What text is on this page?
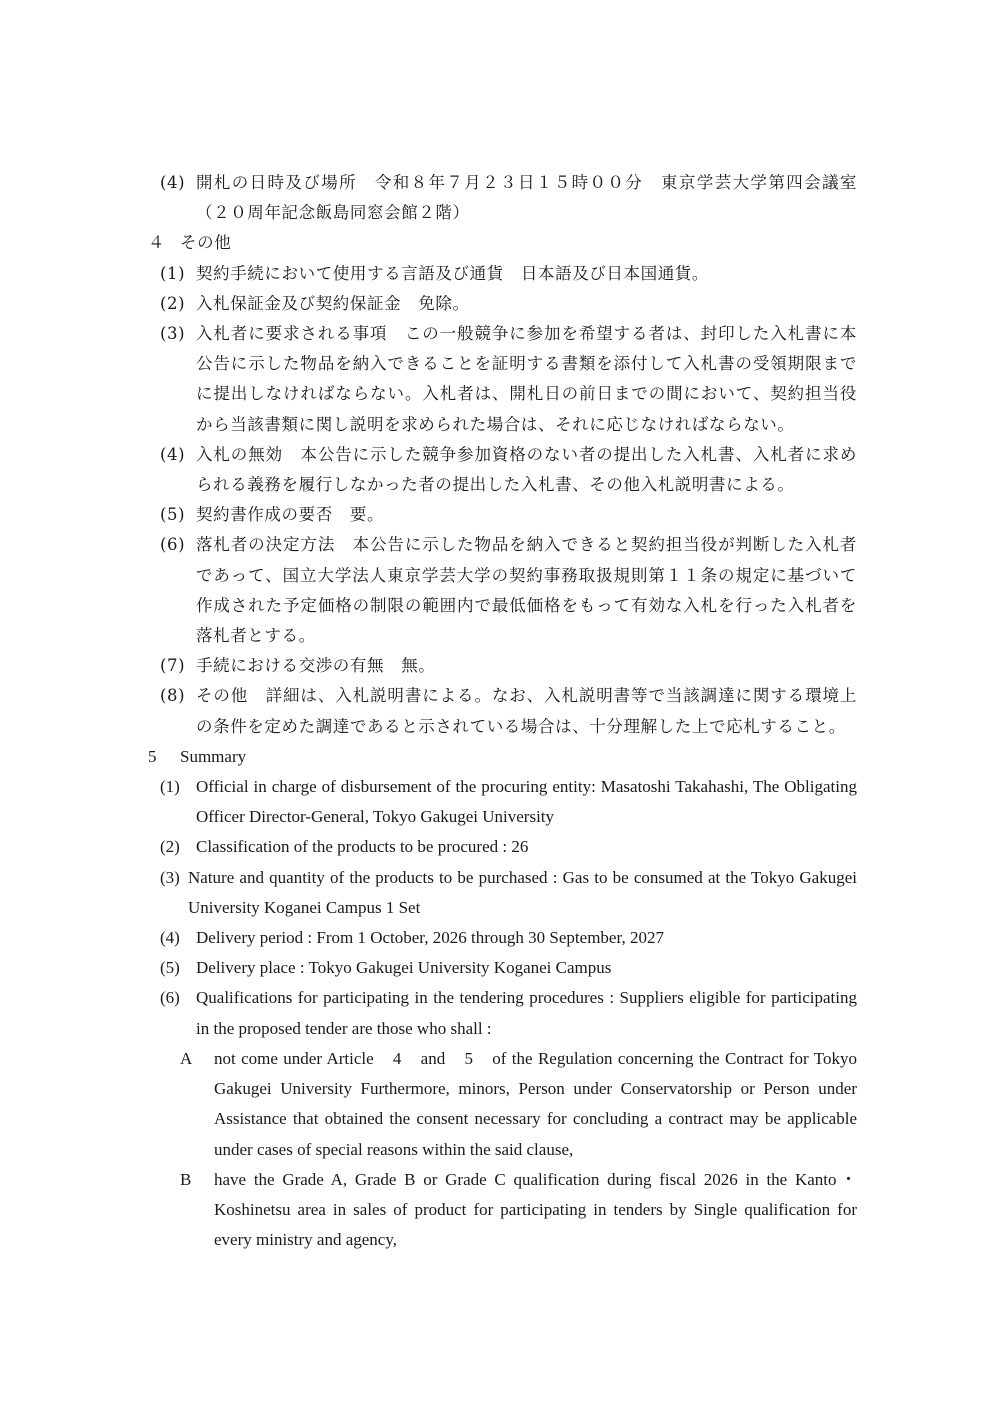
(4) 開札の日時及び場所　令和８年７月２３日１５時００分　東京学芸大学第四会議室（２０周年記念飯島同窓会館２階）
４ その他
(1) 契約手続において使用する言語及び通貨　日本語及び日本国通貨。
(2) 入札保証金及び契約保証金　免除。
(3) 入札者に要求される事項　この一般競争に参加を希望する者は、封印した入札書に本公告に示した物品を納入できることを証明する書類を添付して入札書の受領期限までに提出しなければならない。入札者は、開札日の前日までの間において、契約担当役から当該書類に関し説明を求められた場合は、それに応じなければならない。
(4) 入札の無効　本公告に示した競争参加資格のない者の提出した入札書、入札者に求められる義務を履行しなかった者の提出した入札書、その他入札説明書による。
(5) 契約書作成の要否　要。
(6) 落札者の決定方法　本公告に示した物品を納入できると契約担当役が判断した入札者であって、国立大学法人東京学芸大学の契約事務取扱規則第１１条の規定に基づいて作成された予定価格の制限の範囲内で最低価格をもって有効な入札を行った入札者を落札者とする。
(7) 手続における交渉の有無　無。
(8) その他　詳細は、入札説明書による。なお、入札説明書等で当該調達に関する環境上の条件を定めた調達であると示されている場合は、十分理解した上で応札すること。
5 Summary
(1) Official in charge of disbursement of the procuring entity: Masatoshi Takahashi, The Obligating Officer Director-General, Tokyo Gakugei University
(2) Classification of the products to be procured : 26
(3) Nature and quantity of the products to be purchased : Gas to be consumed at the Tokyo Gakugei University Koganei Campus 1 Set
(4) Delivery period : From 1 October, 2026 through 30 September, 2027
(5) Delivery place : Tokyo Gakugei University Koganei Campus
(6) Qualifications for participating in the tendering procedures : Suppliers eligible for participating in the proposed tender are those who shall :
A not come under Article　4　and　5　of the Regulation concerning the Contract for Tokyo Gakugei University Furthermore, minors, Person under Conservatorship or Person under Assistance that obtained the consent necessary for concluding a contract may be applicable under cases of special reasons within the said clause,
B have the Grade A, Grade B or Grade C qualification during fiscal 2026 in the Kanto・Koshinetsu area in sales of product for participating in tenders by Single qualification for every ministry and agency,
